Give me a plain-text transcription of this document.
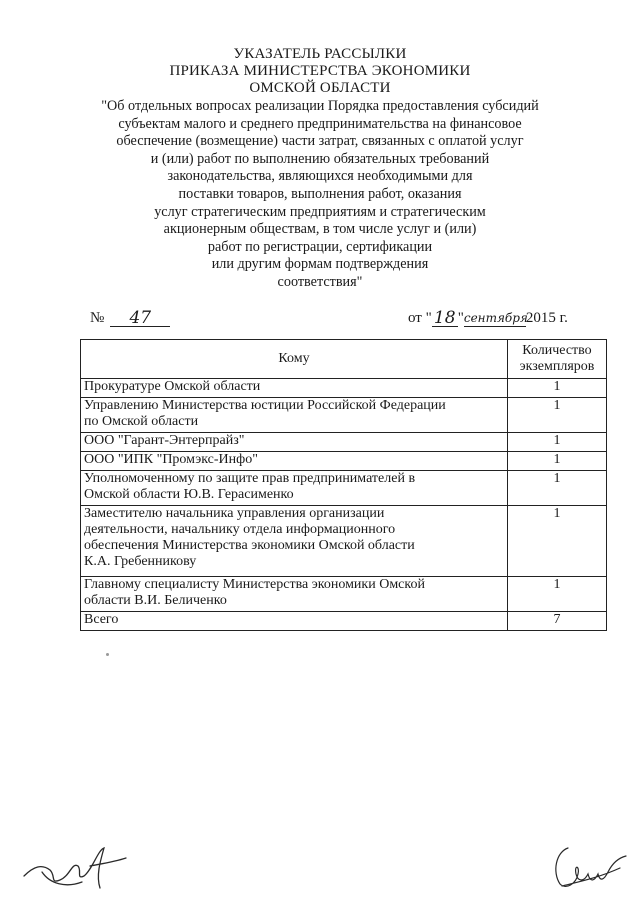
УКАЗАТЕЛЬ РАССЫЛКИ
ПРИКАЗА МИНИСТЕРСТВА ЭКОНОМИКИ
ОМСКОЙ ОБЛАСТИ
"Об отдельных вопросах реализации Порядка предоставления субсидий
субъектам малого и среднего предпринимательства на финансовое
обеспечение (возмещение) части затрат, связанных с оплатой услуг
и (или) работ по выполнению обязательных требований
законодательства, являющихся необходимыми для
поставки товаров, выполнения работ, оказания
услуг стратегическим предприятиям и стратегическим
акционерным обществам, в том числе услуг и (или)
работ по регистрации, сертификации
или другим формам подтверждения
соответствия"
№ 47	от " 18 "сентября2015 г.
Кому	Количество
экземпляров

Прокуратуре Омской области	1

Управлению Министерства юстиции Российской Федерации
по Омской области	1

ООО "Гарант-Энтерпрайз"	1

ООО "ИПК "Промэкс-Инфо"	1

Уполномоченному по защите прав предпринимателей в
Омской области Ю.В. Герасименко	1

Заместителю начальника управления организации
деятельности, начальнику отдела информационного
обеспечения Министерства экономики Омской области
К.А. Гребенникову	1

Главному специалисту Министерства экономики Омской
области В.И. Беличенко	1
Всего	7
